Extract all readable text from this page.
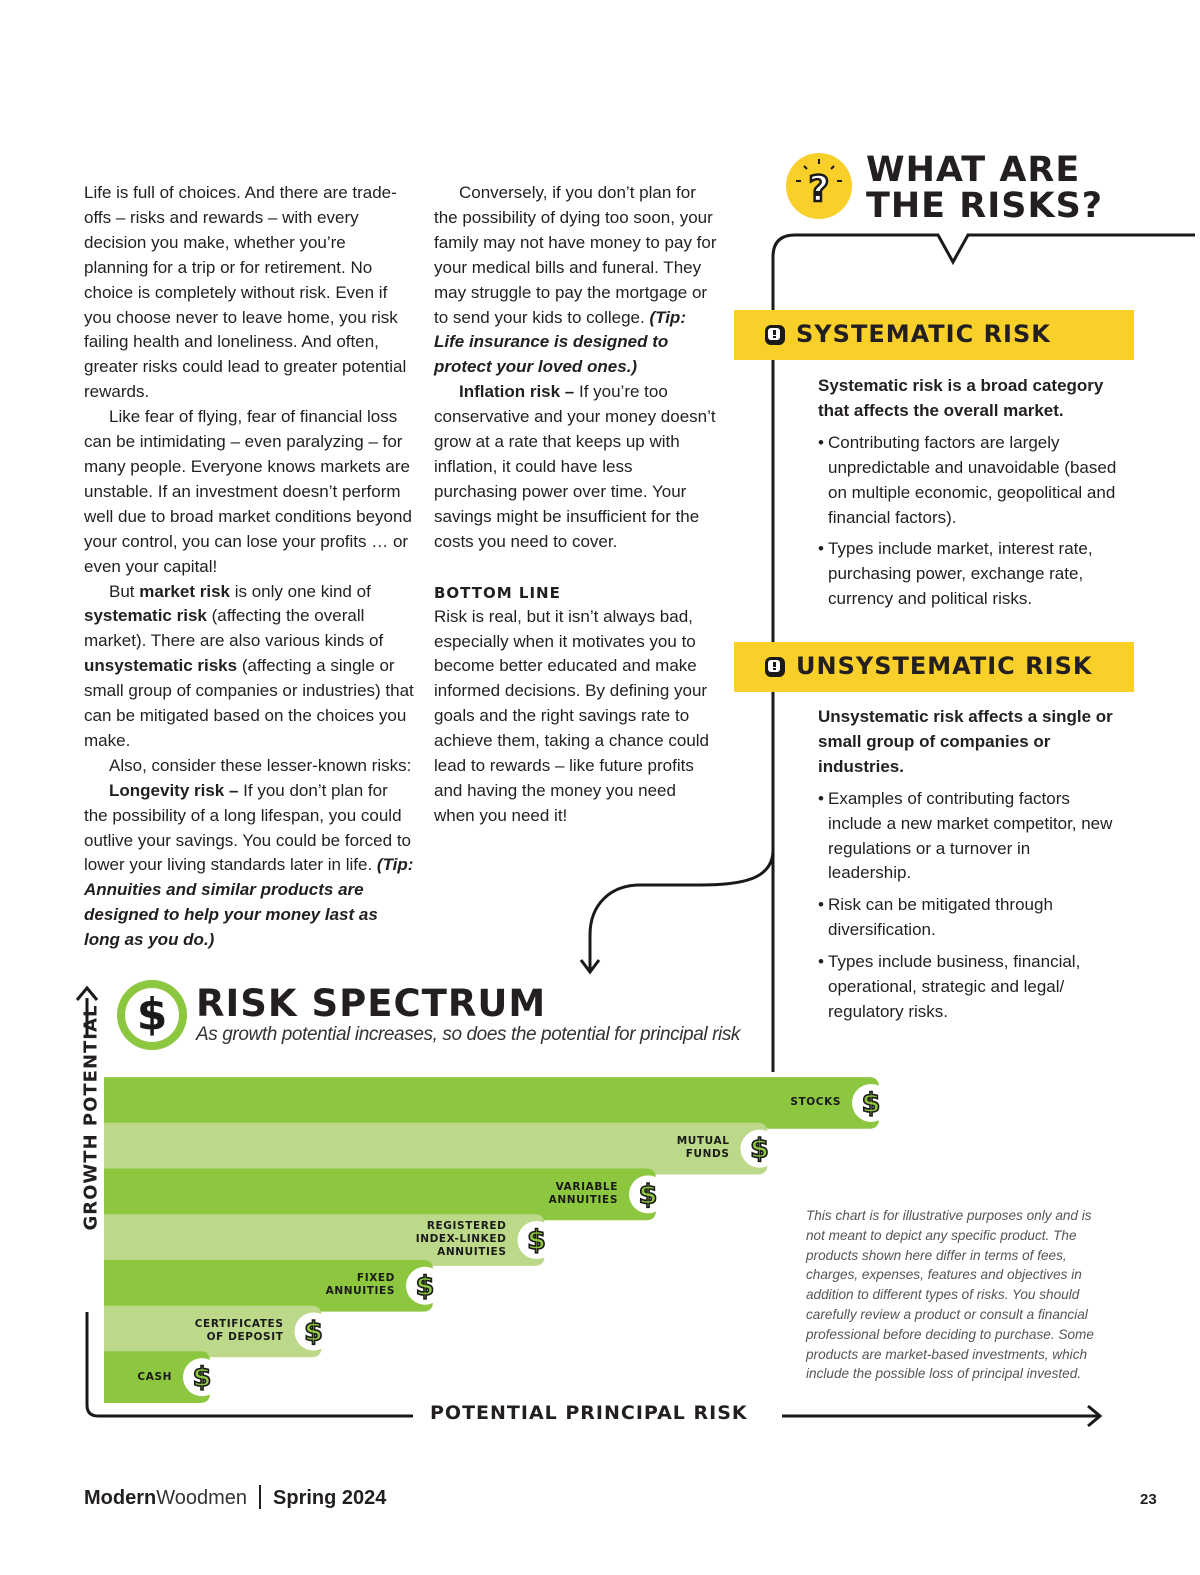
Life is full of choices. And there are trade-offs – risks and rewards – with every decision you make, whether you’re planning for a trip or for retirement. No choice is completely without risk. Even if you choose never to leave home, you risk failing health and loneliness. And often, greater risks could lead to greater potential rewards.

Like fear of flying, fear of financial loss can be intimidating – even paralyzing – for many people. Everyone knows markets are unstable. If an investment doesn’t perform well due to broad market conditions beyond your control, you can lose your profits … or even your capital!

But market risk is only one kind of systematic risk (affecting the overall market). There are also various kinds of unsystematic risks (affecting a single or small group of companies or industries) that can be mitigated based on the choices you make.

Also, consider these lesser-known risks:

Longevity risk – If you don’t plan for the possibility of a long lifespan, you could outlive your savings. You could be forced to lower your living standards later in life. (Tip: Annuities and similar products are designed to help your money last as long as you do.)

Conversely, if you don’t plan for the possibility of dying too soon, your family may not have money to pay for your medical bills and funeral. They may struggle to pay the mortgage or to send your kids to college. (Tip: Life insurance is designed to protect your loved ones.)

Inflation risk – If you’re too conservative and your money doesn’t grow at a rate that keeps up with inflation, it could have less purchasing power over time. Your savings might be insufficient for the costs you need to cover.

BOTTOM LINE

Risk is real, but it isn’t always bad, especially when it motivates you to become better educated and make informed decisions. By defining your goals and the right savings rate to achieve them, taking a chance could lead to rewards – like future profits and having the money you need when you need it!

? WHAT ARE
THE RISKS?
SYSTEMATIC RISK
Systematic risk is a broad category that affects the overall market.
• Contributing factors are largely unpredictable and unavoidable (based on multiple economic, geopolitical and financial factors).
• Types include market, interest rate, purchasing power, exchange rate, currency and political risks.
UNSYSTEMATIC RISK
Unsystematic risk affects a single or small group of companies or industries.
• Examples of contributing factors include a new market competitor, new regulations or a turnover in leadership.
• Risk can be mitigated through diversification.
• Types include business, financial, operational, strategic and legal/ regulatory risks.
$ RISK SPECTRUM
As growth potential increases, so does the potential for principal risk
$
$
$
$
$
$
$
STOCKS
MUTUAL
FUNDS
VARIABLE
ANNUITIES
REGISTERED
INDEX-LINKED
ANNUITIES
FIXED
ANNUITIES
CERTIFICATES
OF DEPOSIT
CASH
GROWTH POTENTIAL
POTENTIAL PRINCIPAL RISK
This chart is for illustrative purposes only and is not meant to depict any specific product. The products shown here differ in terms of fees, charges, expenses, features and objectives in addition to different types of risks. You should carefully review a product or consult a financial professional before deciding to purchase. Some products are market-based investments, which include the possible loss of principal invested.
ModernWoodmen Spring 2024	23
